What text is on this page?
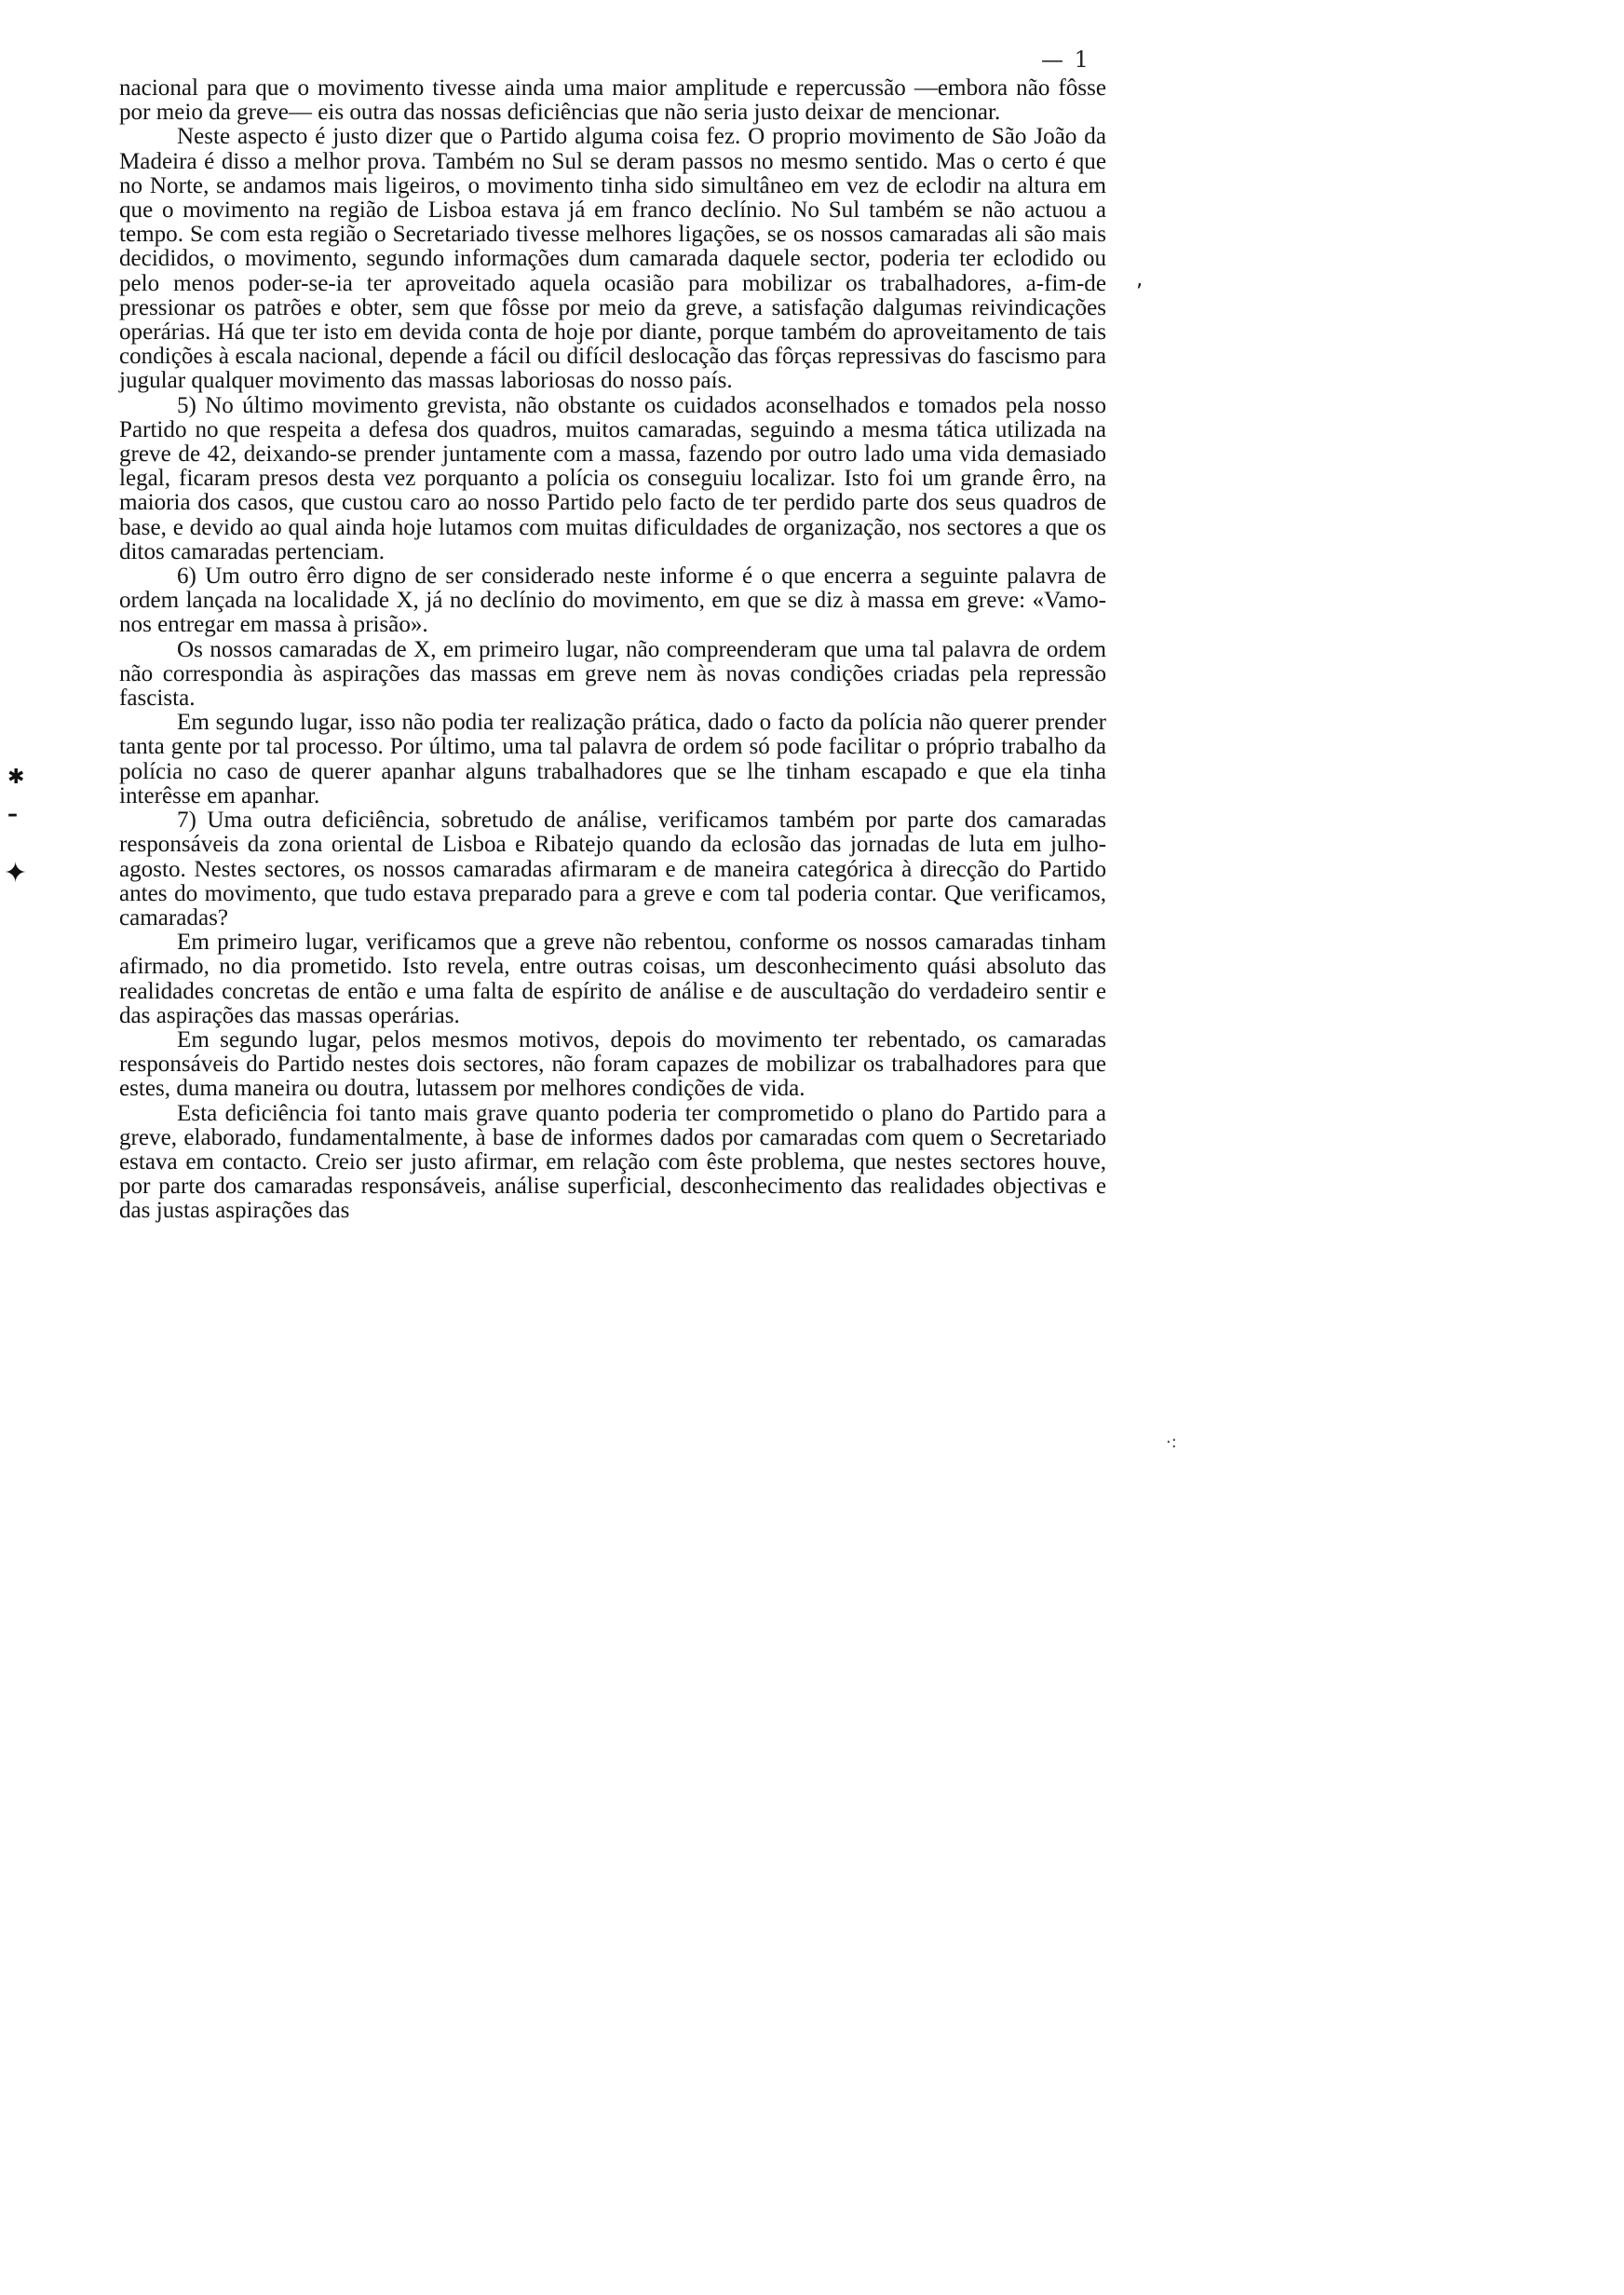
— 1

nacional para que o movimento tivesse ainda uma maior amplitude e repercussão —embora não fôsse por meio da greve— eis outra das nossas deficiências que não seria justo deixar de mencionar.

Neste aspecto é justo dizer que o Partido alguma coisa fez. O proprio movimento de São João da Madeira é disso a melhor prova. Também no Sul se deram passos no mesmo sentido. Mas o certo é que no Norte, se andamos mais ligeiros, o movimento tinha sido simultâneo em vez de eclodir na altura em que o movimento na região de Lisboa estava já em franco declínio. No Sul também se não actuou a tempo. Se com esta região o Secretariado tivesse melhores ligações, se os nossos camaradas ali são mais decididos, o movimento, segundo informações dum camarada daquele sector, poderia ter eclodido ou pelo menos poder-se-ia ter aproveitado aquela ocasião para mobilizar os trabalhadores, a-fim-de pressionar os patrões e obter, sem que fôsse por meio da greve, a satisfação dalgumas reivindicações operárias. Há que ter isto em devida conta de hoje por diante, porque também do aproveitamento de tais condições à escala nacional, depende a fácil ou difícil deslocação das fôrças repressivas do fascismo para jugular qualquer movimento das massas laboriosas do nosso país.

5) No último movimento grevista, não obstante os cuidados aconselhados e tomados pela nosso Partido no que respeita a defesa dos quadros, muitos camaradas, seguindo a mesma tática utilizada na greve de 42, deixando-se prender juntamente com a massa, fazendo por outro lado uma vida demasiado legal, ficaram presos desta vez porquanto a polícia os conseguiu localizar. Isto foi um grande êrro, na maioria dos casos, que custou caro ao nosso Partido pelo facto de ter perdido parte dos seus quadros de base, e devido ao qual ainda hoje lutamos com muitas dificuldades de organização, nos sectores a que os ditos camaradas pertenciam.

6) Um outro êrro digno de ser considerado neste informe é o que encerra a seguinte palavra de ordem lançada na localidade X, já no declínio do movimento, em que se diz à massa em greve: «Vamo-nos entregar em massa à prisão».

Os nossos camaradas de X, em primeiro lugar, não compreenderam que uma tal palavra de ordem não correspondia às aspirações das massas em greve nem às novas condições criadas pela repressão fascista.

Em segundo lugar, isso não podia ter realização prática, dado o facto da polícia não querer prender tanta gente por tal processo. Por último, uma tal palavra de ordem só pode facilitar o próprio trabalho da polícia no caso de querer apanhar alguns trabalhadores que se lhe tinham escapado e que ela tinha interêsse em apanhar.

7) Uma outra deficiência, sobretudo de análise, verificamos também por parte dos camaradas responsáveis da zona oriental de Lisboa e Ribatejo quando da eclosão das jornadas de luta em julho-agosto. Nestes sectores, os nossos camaradas afirmaram e de maneira categórica à direcção do Partido antes do movimento, que tudo estava preparado para a greve e com tal poderia contar. Que verificamos, camaradas?

Em primeiro lugar, verificamos que a greve não rebentou, conforme os nossos camaradas tinham afirmado, no dia prometido. Isto revela, entre outras coisas, um desconhecimento quási absoluto das realidades concretas de então e uma falta de espírito de análise e de auscultação do verdadeiro sentir e das aspirações das massas operárias.

Em segundo lugar, pelos mesmos motivos, depois do movimento ter rebentado, os camaradas responsáveis do Partido nestes dois sectores, não foram capazes de mobilizar os trabalhadores para que estes, duma maneira ou doutra, lutassem por melhores condições de vida.

Esta deficiência foi tanto mais grave quanto poderia ter comprometido o plano do Partido para a greve, elaborado, fundamentalmente, à base de informes dados por camaradas com quem o Secretariado estava em contacto. Creio ser justo afirmar, em relação com êste problema, que nestes sectores houve, por parte dos camaradas responsáveis, análise superficial, desconhecimento das realidades objectivas e das justas aspirações das

✱
–
✦
‚
·:
